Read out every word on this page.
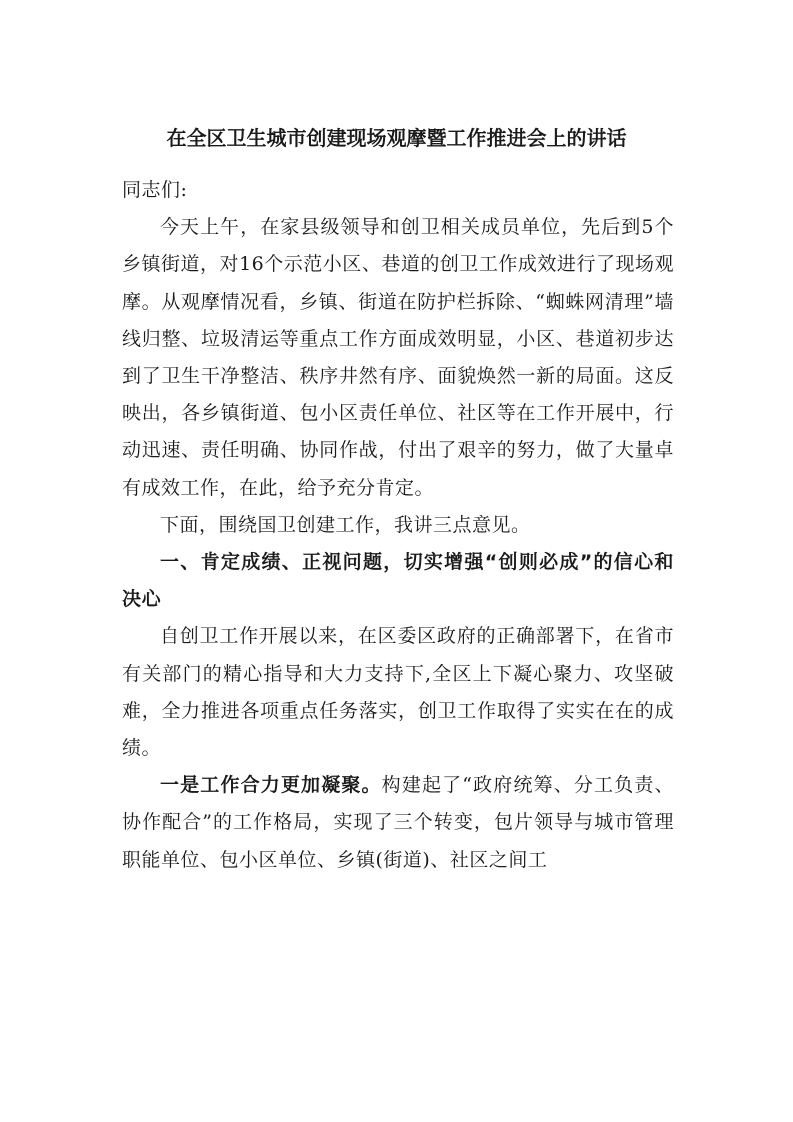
在全区卫生城市创建现场观摩暨工作推进会上的讲话

同志们:

今天上午，在家县级领导和创卫相关成员单位，先后到5个乡镇街道，对16个示范小区、巷道的创卫工作成效进行了现场观摩。从观摩情况看，乡镇、街道在防护栏拆除、“蜘蛛网清理”墙线归整、垃圾清运等重点工作方面成效明显，小区、巷道初步达到了卫生干净整洁、秩序井然有序、面貌焕然一新的局面。这反映出，各乡镇街道、包小区责任单位、社区等在工作开展中，行动迅速、责任明确、协同作战，付出了艰辛的努力，做了大量卓有成效工作，在此，给予充分肯定。

下面，围绕国卫创建工作，我讲三点意见。

一、肯定成绩、正视问题，切实增强“创则必成”的信心和决心

自创卫工作开展以来，在区委区政府的正确部署下，在省市有关部门的精心指导和大力支持下,全区上下凝心聚力、攻坚破难，全力推进各项重点任务落实，创卫工作取得了实实在在的成绩。

一是工作合力更加凝聚。构建起了“政府统筹、分工负责、协作配合”的工作格局，实现了三个转变，包片领导与城市管理职能单位、包小区单位、乡镇(街道)、社区之间工
